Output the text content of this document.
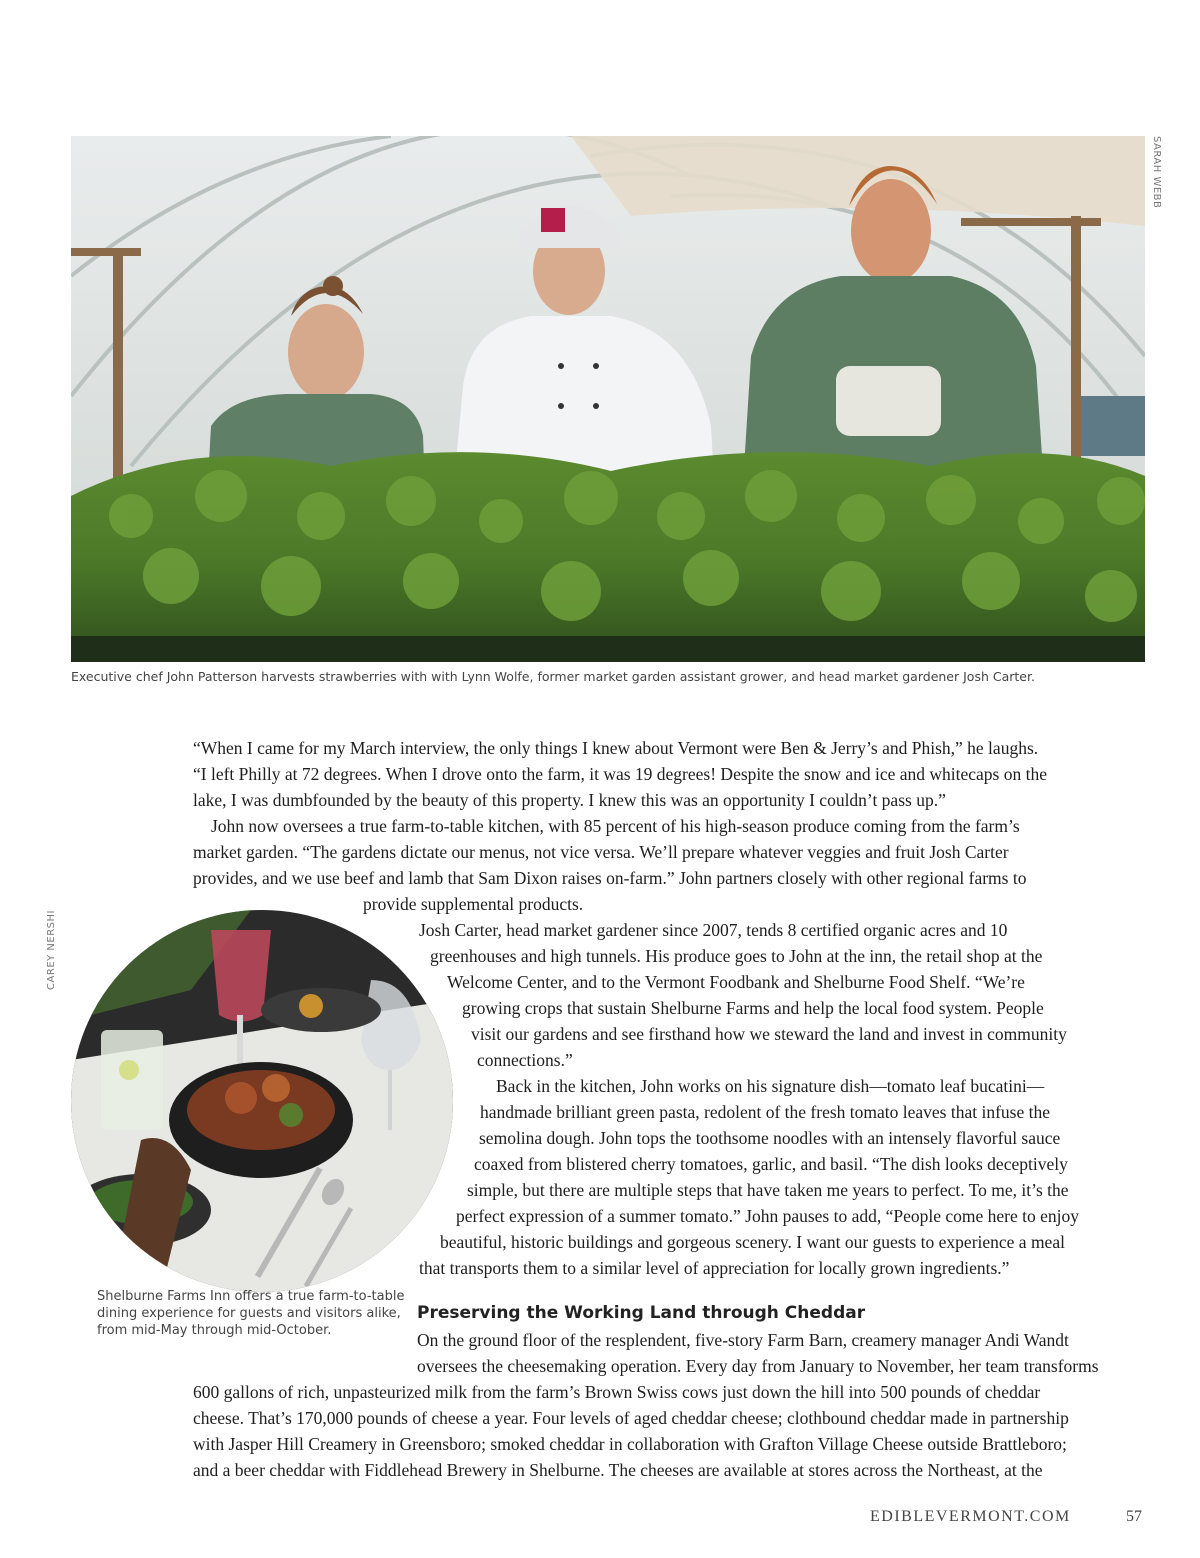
SARAH WEBB
CAREY NERSHI
Executive chef John Patterson harvests strawberries with with Lynn Wolfe, former market garden assistant grower, and head market gardener Josh Carter.
“When I came for my March interview, the only things I knew about Vermont were Ben & Jerry’s and Phish,” he laughs.
“I left Philly at 72 degrees. When I drove onto the farm, it was 19 degrees! Despite the snow and ice and whitecaps on the
lake, I was dumbfounded by the beauty of this property. I knew this was an opportunity I couldn’t pass up.”
John now oversees a true farm-to-table kitchen, with 85 percent of his high-season produce coming from the farm’s
market garden. “The gardens dictate our menus, not vice versa. We’ll prepare whatever veggies and fruit Josh Carter
provides, and we use beef and lamb that Sam Dixon raises on-farm.” John partners closely with other regional farms to
provide supplemental products.
Josh Carter, head market gardener since 2007, tends 8 certified organic acres and 10
greenhouses and high tunnels. His produce goes to John at the inn, the retail shop at the
Welcome Center, and to the Vermont Foodbank and Shelburne Food Shelf. “We’re
growing crops that sustain Shelburne Farms and help the local food system. People
visit our gardens and see firsthand how we steward the land and invest in community
connections.”
Back in the kitchen, John works on his signature dish—tomato leaf bucatini—
handmade brilliant green pasta, redolent of the fresh tomato leaves that infuse the
semolina dough. John tops the toothsome noodles with an intensely flavorful sauce
coaxed from blistered cherry tomatoes, garlic, and basil. “The dish looks deceptively
simple, but there are multiple steps that have taken me years to perfect. To me, it’s the
perfect expression of a summer tomato.” John pauses to add, “People come here to enjoy
beautiful, historic buildings and gorgeous scenery. I want our guests to experience a meal
that transports them to a similar level of appreciation for locally grown ingredients.”
Shelburne Farms Inn offers a true farm-to-table
dining experience for guests and visitors alike,
from mid-May through mid-October.
Preserving the Working Land through Cheddar
On the ground floor of the resplendent, five-story Farm Barn, creamery manager Andi Wandt
oversees the cheesemaking operation. Every day from January to November, her team transforms
600 gallons of rich, unpasteurized milk from the farm’s Brown Swiss cows just down the hill into 500 pounds of cheddar
cheese. That’s 170,000 pounds of cheese a year. Four levels of aged cheddar cheese; clothbound cheddar made in partnership
with Jasper Hill Creamery in Greensboro; smoked cheddar in collaboration with Grafton Village Cheese outside Brattleboro;
and a beer cheddar with Fiddlehead Brewery in Shelburne. The cheeses are available at stores across the Northeast, at the
EDIBLEVERMONT.COM	57
